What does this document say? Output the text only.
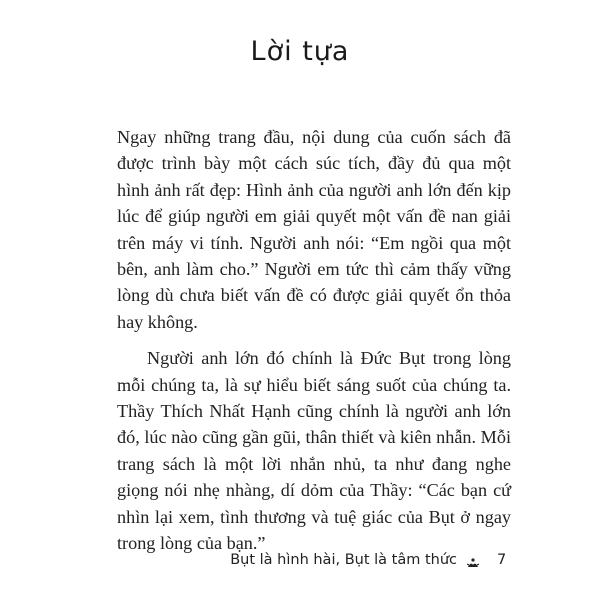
Lời tựa

Ngay những trang đầu, nội dung của cuốn sách đã được trình bày một cách súc tích, đầy đủ qua một hình ảnh rất đẹp: Hình ảnh của người anh lớn đến kịp lúc để giúp người em giải quyết một vấn đề nan giải trên máy vi tính. Người anh nói: “Em ngồi qua một bên, anh làm cho.” Người em tức thì cảm thấy vững lòng dù chưa biết vấn đề có được giải quyết ổn thỏa hay không.

Người anh lớn đó chính là Đức Bụt trong lòng mỗi chúng ta, là sự hiểu biết sáng suốt của chúng ta. Thầy Thích Nhất Hạnh cũng chính là người anh lớn đó, lúc nào cũng gần gũi, thân thiết và kiên nhẫn. Mỗi trang sách là một lời nhắn nhủ, ta như đang nghe giọng nói nhẹ nhàng, dí dỏm của Thầy: “Các bạn cứ nhìn lại xem, tình thương và tuệ giác của Bụt ở ngay trong lòng của bạn.”

Bụt là hình hài, Bụt là tâm thức	7
